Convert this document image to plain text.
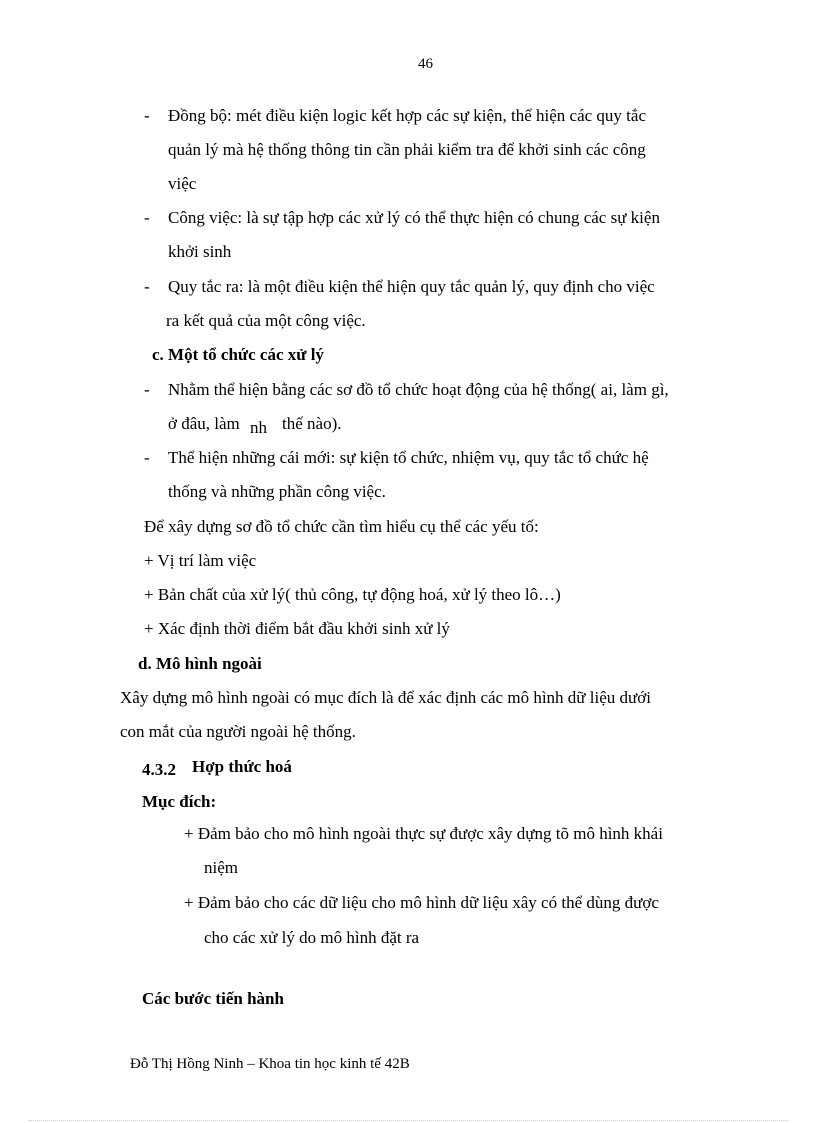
46
- Đồng bộ: mét điều kiện logic kết hợp các sự kiện, thể hiện các quy tắc
quản lý mà hệ thống thông tin cần phải kiểm tra để khởi sinh các công
việc
- Công việc: là sự tập hợp các xử lý có thể thực hiện có chung các sự kiện
khởi sinh
- Quy tắc ra: là một điều kiện thể hiện quy tắc quản lý, quy định cho việc
ra kết quả của một công việc.
c. Một tổ chức các xử lý
- Nhằm thể hiện bằng các sơ đồ tổ chức hoạt động của hệ thống( ai, làm gì,
ở đâu, làm nh thế nào).
- Thể hiện những cái mới: sự kiện tổ chức, nhiệm vụ, quy tắc tổ chức hệ
thống và những phần công việc.
Để xây dựng sơ đồ tổ chức cần tìm hiểu cụ thể các yếu tố:
+ Vị trí làm việc
+ Bản chất của xử lý( thủ công, tự động hoá, xử lý theo lô…)
+ Xác định thời điểm bắt đầu khởi sinh xử lý
d. Mô hình ngoài
Xây dựng mô hình ngoài có mục đích là để xác định các mô hình dữ liệu dưới
con mắt của người ngoài hệ thống.
4.3.2 Hợp thức hoá
Mục đích:
+ Đảm bảo cho mô hình ngoài thực sự được xây dựng tõ mô hình khái
niệm
+ Đảm bảo cho các dữ liệu cho mô hình dữ liệu xây có thể dùng được
cho các xử lý do mô hình đặt ra
Các bước tiến hành
Đỗ Thị Hồng Ninh – Khoa tin học kinh tế 42B
